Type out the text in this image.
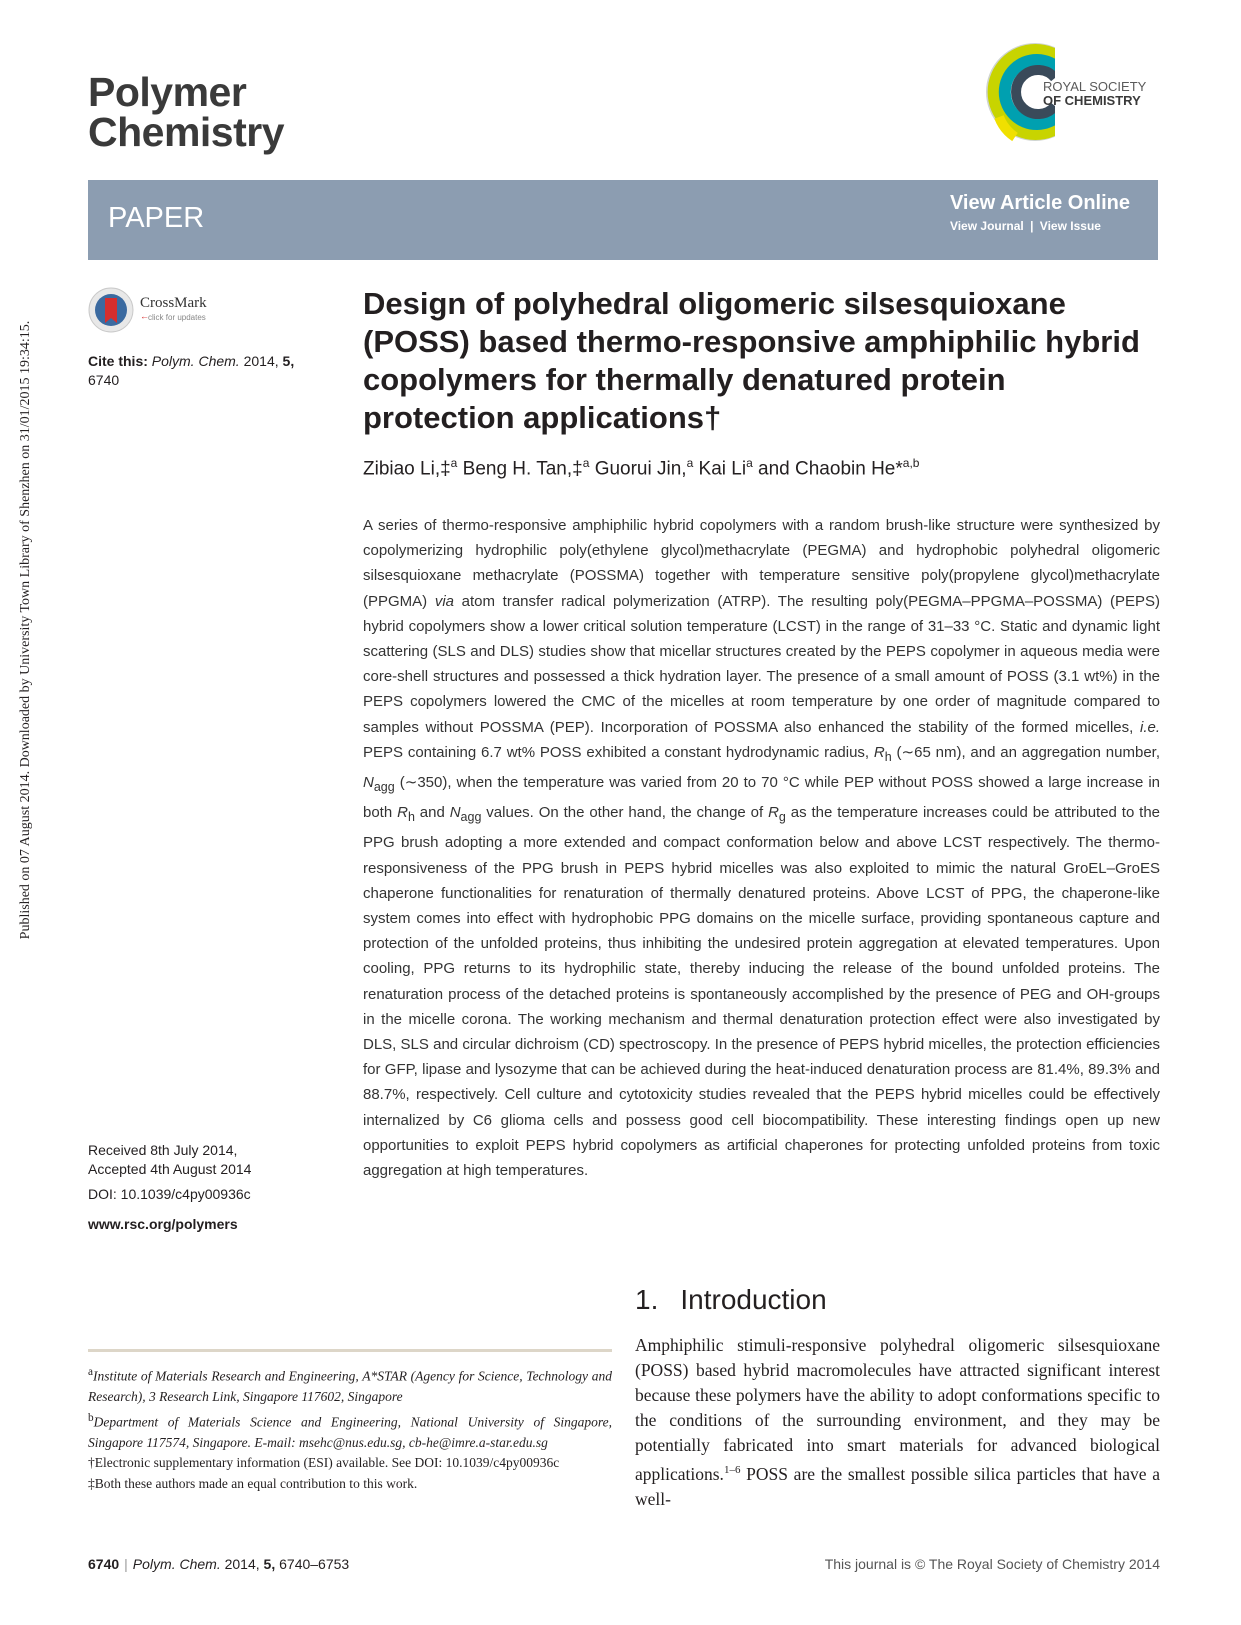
Published on 07 August 2014. Downloaded by University Town Library of Shenzhen on 31/01/2015 19:34:15.
Polymer
Chemistry
ROYAL SOCIETY
OF CHEMISTRY
PAPER	View Article Online
View Journal | View Issue
CrossMark
click for updates
←
Cite this: Polym. Chem. 2014, 5, 6740
Design of polyhedral oligomeric silsesquioxane (POSS) based thermo-responsive amphiphilic hybrid copolymers for thermally denatured protein protection applications†
Zibiao Li,‡$^a$ Beng H. Tan,‡$^a$ Guorui Jin,$^a$ Kai Li$^a$ and Chaobin He*$^{a,b}$
A series of thermo-responsive amphiphilic hybrid copolymers with a random brush-like structure were synthesized by copolymerizing hydrophilic poly(ethylene glycol)methacrylate (PEGMA) and hydrophobic polyhedral oligomeric silsesquioxane methacrylate (POSSMA) together with temperature sensitive poly(propylene glycol)methacrylate (PPGMA) via atom transfer radical polymerization (ATRP). The resulting poly(PEGMA–PPGMA–POSSMA) (PEPS) hybrid copolymers show a lower critical solution temperature (LCST) in the range of 31–33 °C. Static and dynamic light scattering (SLS and DLS) studies show that micellar structures created by the PEPS copolymer in aqueous media were core-shell structures and possessed a thick hydration layer. The presence of a small amount of POSS (3.1 wt%) in the PEPS copolymers lowered the CMC of the micelles at room temperature by one order of magnitude compared to samples without POSSMA (PEP). Incorporation of POSSMA also enhanced the stability of the formed micelles, i.e. PEPS containing 6.7 wt% POSS exhibited a constant hydrodynamic radius, $R_h$ (∼65 nm), and an aggregation number, $N_{agg}$ (∼350), when the temperature was varied from 20 to 70 °C while PEP without POSS showed a large increase in both $R_h$ and $N_{agg}$ values. On the other hand, the change of $R_g$ as the temperature increases could be attributed to the PPG brush adopting a more extended and compact conformation below and above LCST respectively. The thermo-responsiveness of the PPG brush in PEPS hybrid micelles was also exploited to mimic the natural GroEL–GroES chaperone functionalities for renaturation of thermally denatured proteins. Above LCST of PPG, the chaperone-like system comes into effect with hydrophobic PPG domains on the micelle surface, providing spontaneous capture and protection of the unfolded proteins, thus inhibiting the undesired protein aggregation at elevated temperatures. Upon cooling, PPG returns to its hydrophilic state, thereby inducing the release of the bound unfolded proteins. The renaturation process of the detached proteins is spontaneously accomplished by the presence of PEG and OH-groups in the micelle corona. The working mechanism and thermal denaturation protection effect were also investigated by DLS, SLS and circular dichroism (CD) spectroscopy. In the presence of PEPS hybrid micelles, the protection efficiencies for GFP, lipase and lysozyme that can be achieved during the heat-induced denaturation process are 81.4%, 89.3% and 88.7%, respectively. Cell culture and cytotoxicity studies revealed that the PEPS hybrid micelles could be effectively internalized by C6 glioma cells and possess good cell biocompatibility. These interesting findings open up new opportunities to exploit PEPS hybrid copolymers as artificial chaperones for protecting unfolded proteins from toxic aggregation at high temperatures.
Received 8th July 2014,
Accepted 4th August 2014
DOI: 10.1039/c4py00936c
www.rsc.org/polymers
1. Introduction
Amphiphilic stimuli-responsive polyhedral oligomeric silsesquioxane (POSS) based hybrid macromolecules have attracted significant interest because these polymers have the ability to adopt conformations specific to the conditions of the surrounding environment, and they may be potentially fabricated into smart materials for advanced biological applications.$^{1-6}$ POSS are the smallest possible silica particles that have a well-

$^a$Institute of Materials Research and Engineering, A*STAR (Agency for Science, Technology and Research), 3 Research Link, Singapore 117602, Singapore

$^b$Department of Materials Science and Engineering, National University of Singapore, Singapore 117574, Singapore. E-mail: msehc@nus.edu.sg, cb-he@imre.a-star.edu.sg

†Electronic supplementary information (ESI) available. See DOI: 10.1039/c4py00936c

‡Both these authors made an equal contribution to this work.

6740 | Polym. Chem. 2014, 5, 6740–6753	This journal is © The Royal Society of Chemistry 2014
